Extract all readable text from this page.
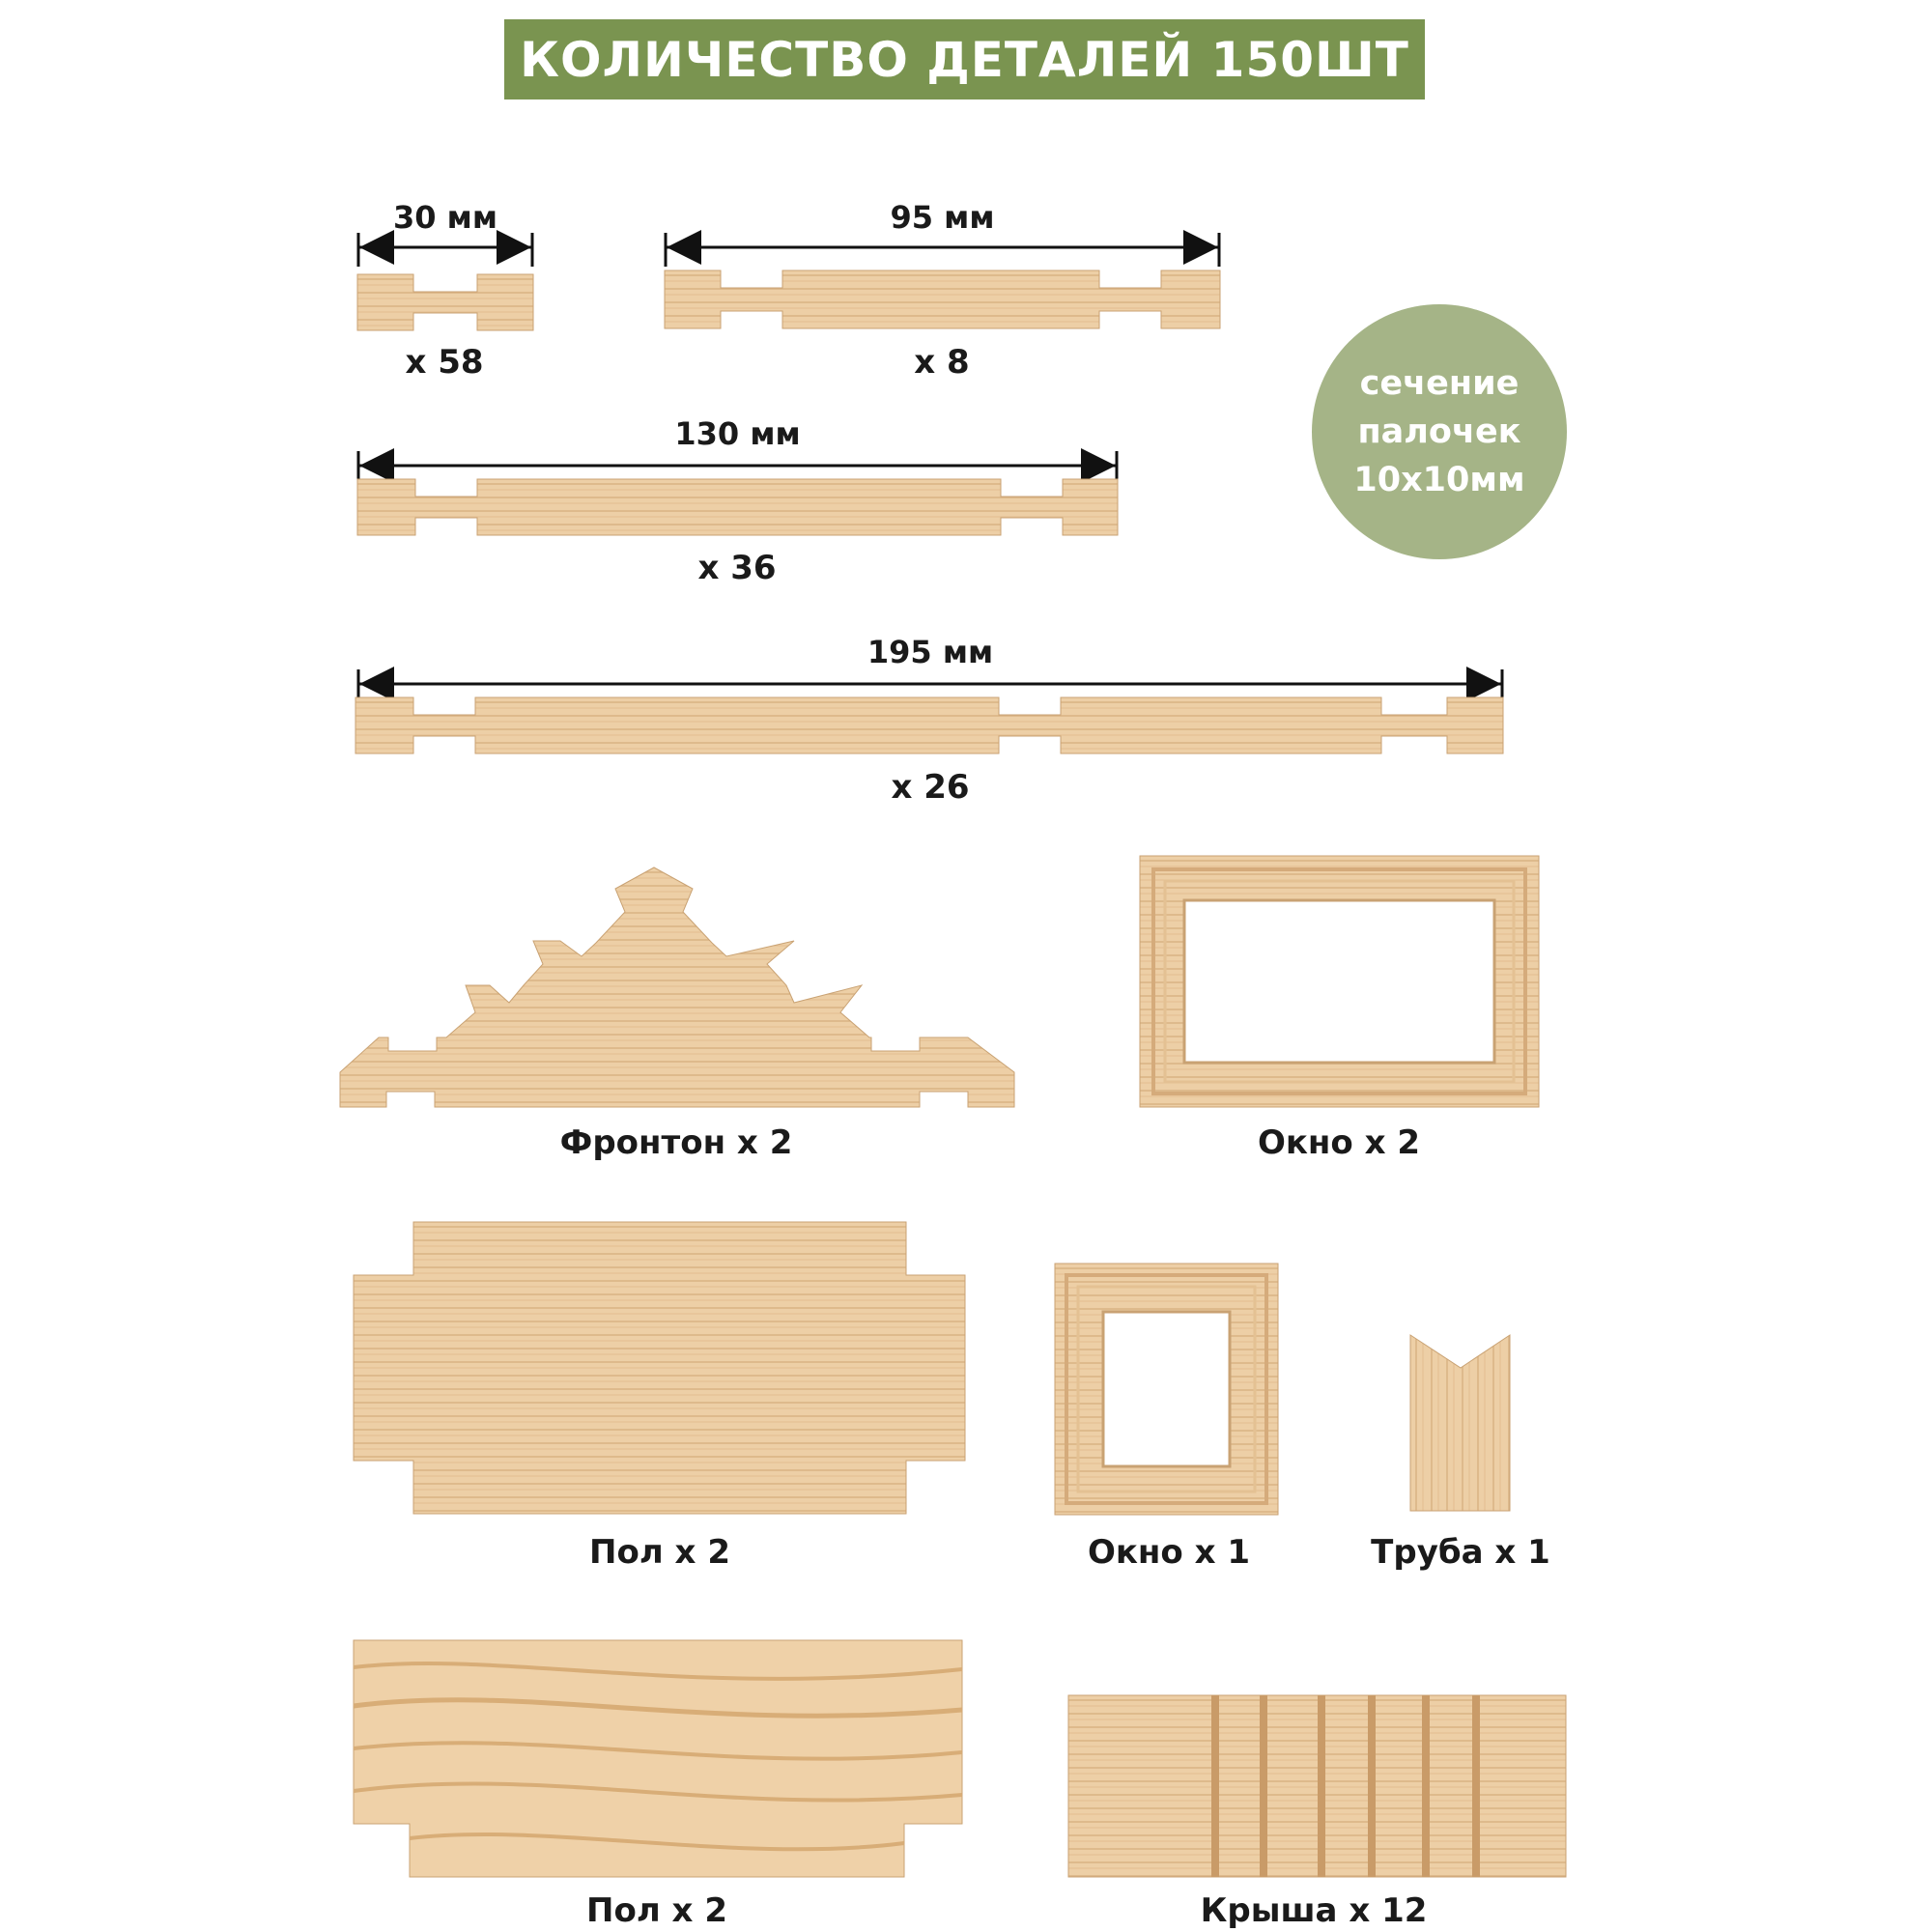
КОЛИЧЕСТВО ДЕТАЛЕЙ 150ШТ
30 мм
х 58
95 мм
х 8
130 мм
х 36
195 мм
х 26
сечение
палочек
10х10мм
Фронтон х 2	Окно х 2
Пол х 2	Окно х 1	Труба х 1
Пол х 2	Крыша х 12
